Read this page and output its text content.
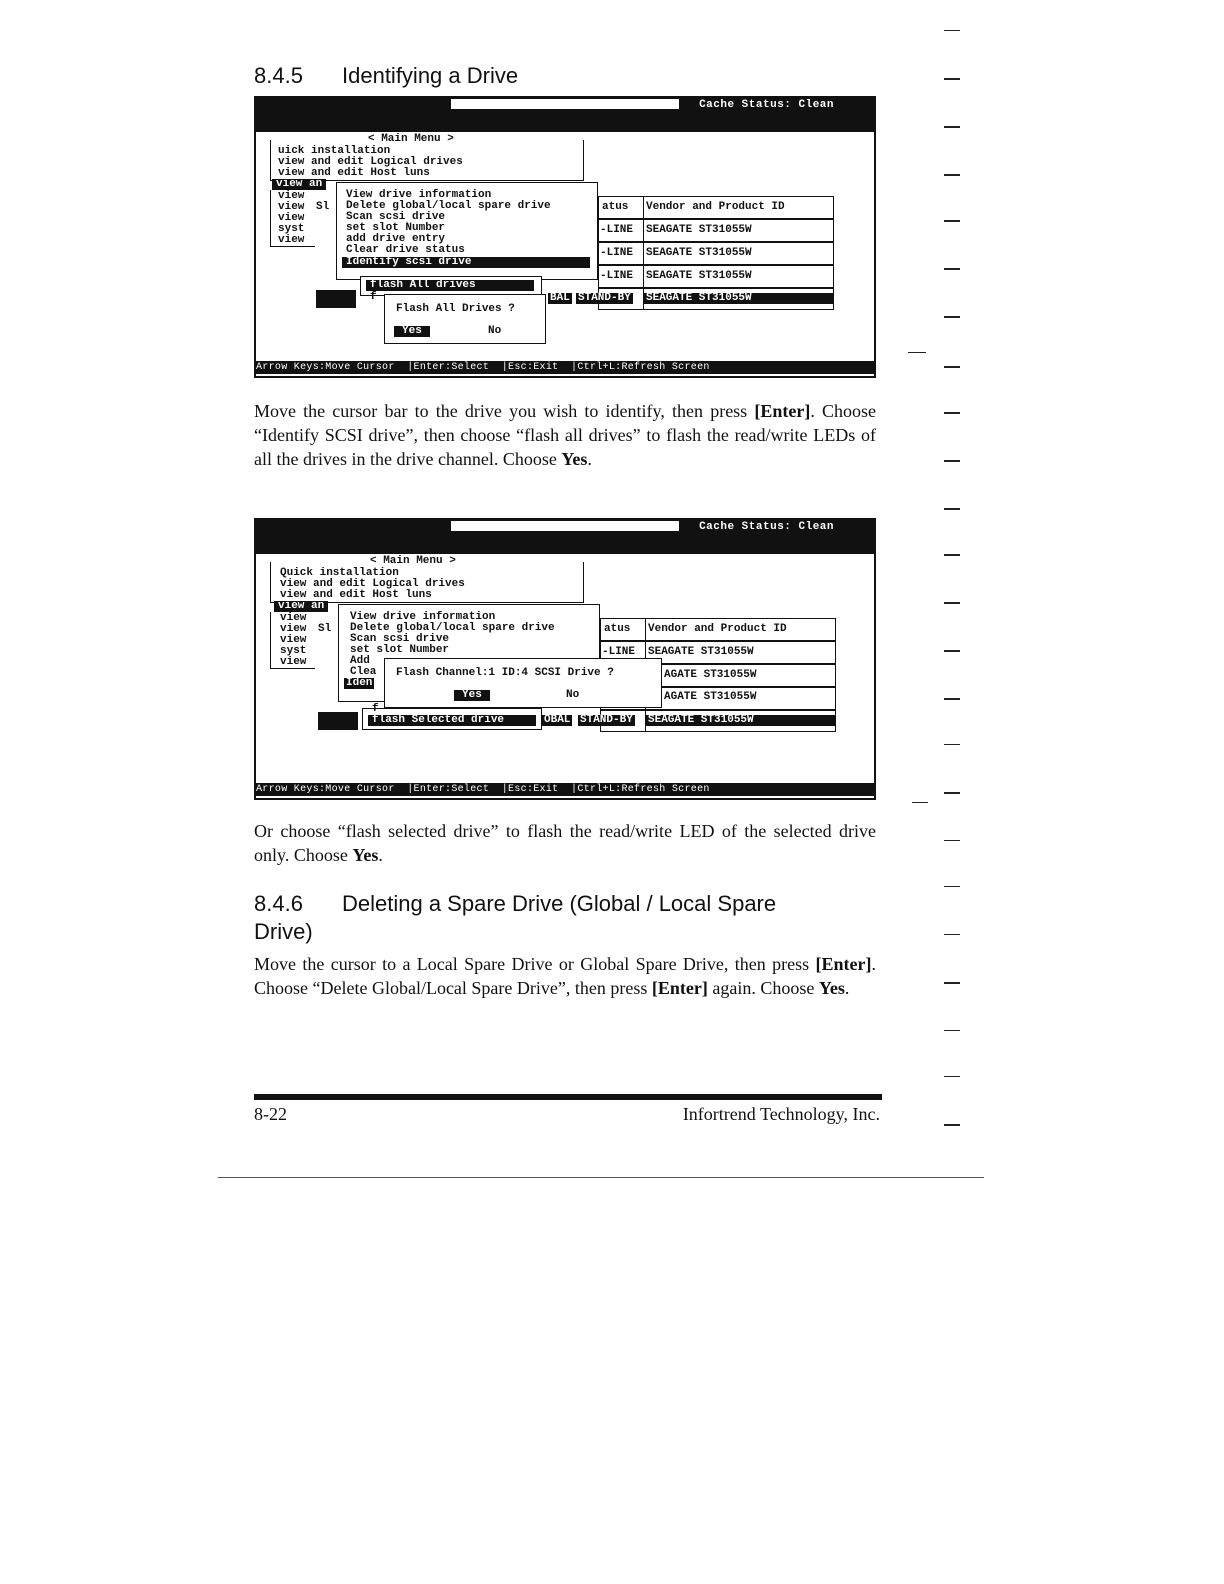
8.4.5 Identifying a Drive
Cache Status: Clean
< Main Menu >
uick installation
view and edit Logical drives
view and edit Host luns
view an
view
view
view
syst
view
Sl	atus Vendor and Product ID
-LINE SEAGATE ST31055W
-LINE SEAGATE ST31055W
-LINE SEAGATE ST31055W
BAL STAND-BY SEAGATE ST31055W
View drive information
Delete global/local spare drive
Scan scsi drive
set slot Number
add drive entry
Clear drive status
Identify scsi drive
flash All drives
f
Flash All Drives ?
Yes	No
Arrow Keys:Move Cursor  |Enter:Select  |Esc:Exit  |Ctrl+L:Refresh Screen
Move the cursor bar to the drive you wish to identify, then press [Enter]. Choose “Identify SCSI drive”, then choose “flash all drives” to flash the read/write LEDs of all the drives in the drive channel. Choose Yes.
Cache Status: Clean
< Main Menu >
Quick installation
view and edit Logical drives
view and edit Host luns
view an
view
view
view
syst
view
Sl	atus Vendor and Product ID
-LINE SEAGATE ST31055W
AGATE ST31055W
AGATE ST31055W
OBAL STAND-BY SEAGATE ST31055W
View drive information
Delete global/local spare drive
Scan scsi drive
set slot Number
Add
Clea
Iden
Flash Channel:1 ID:4 SCSI Drive ?
Yes	No
f
flash Selected drive
Arrow Keys:Move Cursor  |Enter:Select  |Esc:Exit  |Ctrl+L:Refresh Screen
Or choose “flash selected drive” to flash the read/write LED of the selected drive only. Choose Yes.
8.4.6 Deleting a Spare Drive (Global / Local Spare
Drive)
Move the cursor to a Local Spare Drive or Global Spare Drive, then press [Enter]. Choose “Delete Global/Local Spare Drive”, then press [Enter] again. Choose Yes.
8-22	Infortrend Technology, Inc.
